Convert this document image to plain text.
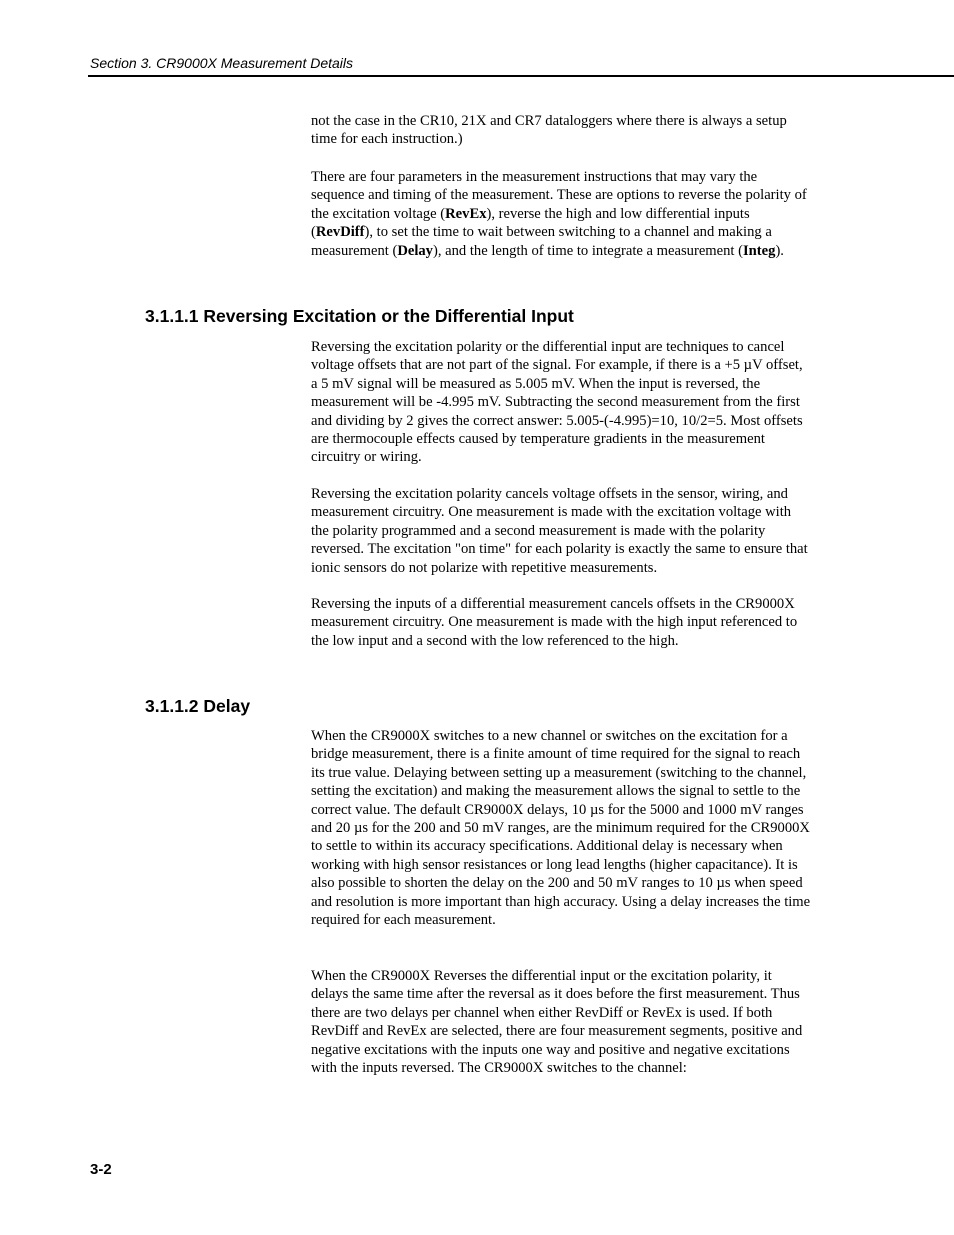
Section 3. CR9000X Measurement Details

not the case in the CR10, 21X and CR7 dataloggers where there is always a setup time for each instruction.)

There are four parameters in the measurement instructions that may vary the sequence and timing of the measurement. These are options to reverse the polarity of the excitation voltage (RevEx), reverse the high and low differential inputs (RevDiff), to set the time to wait between switching to a channel and making a measurement (Delay), and the length of time to integrate a measurement (Integ).

3.1.1.1 Reversing Excitation or the Differential Input

Reversing the excitation polarity or the differential input are techniques to cancel voltage offsets that are not part of the signal. For example, if there is a +5 µV offset, a 5 mV signal will be measured as 5.005 mV. When the input is reversed, the measurement will be -4.995 mV. Subtracting the second measurement from the first and dividing by 2 gives the correct answer: 5.005-(-4.995)=10, 10/2=5. Most offsets are thermocouple effects caused by temperature gradients in the measurement circuitry or wiring.

Reversing the excitation polarity cancels voltage offsets in the sensor, wiring, and measurement circuitry. One measurement is made with the excitation voltage with the polarity programmed and a second measurement is made with the polarity reversed. The excitation "on time" for each polarity is exactly the same to ensure that ionic sensors do not polarize with repetitive measurements.

Reversing the inputs of a differential measurement cancels offsets in the CR9000X measurement circuitry. One measurement is made with the high input referenced to the low input and a second with the low referenced to the high.

3.1.1.2 Delay

When the CR9000X switches to a new channel or switches on the excitation for a bridge measurement, there is a finite amount of time required for the signal to reach its true value. Delaying between setting up a measurement (switching to the channel, setting the excitation) and making the measurement allows the signal to settle to the correct value. The default CR9000X delays, 10 µs for the 5000 and 1000 mV ranges and 20 µs for the 200 and 50 mV ranges, are the minimum required for the CR9000X to settle to within its accuracy specifications. Additional delay is necessary when working with high sensor resistances or long lead lengths (higher capacitance). It is also possible to shorten the delay on the 200 and 50 mV ranges to 10 µs when speed and resolution is more important than high accuracy. Using a delay increases the time required for each measurement.

When the CR9000X Reverses the differential input or the excitation polarity, it delays the same time after the reversal as it does before the first measurement. Thus there are two delays per channel when either RevDiff or RevEx is used. If both RevDiff and RevEx are selected, there are four measurement segments, positive and negative excitations with the inputs one way and positive and negative excitations with the inputs reversed. The CR9000X switches to the channel:

3-2
